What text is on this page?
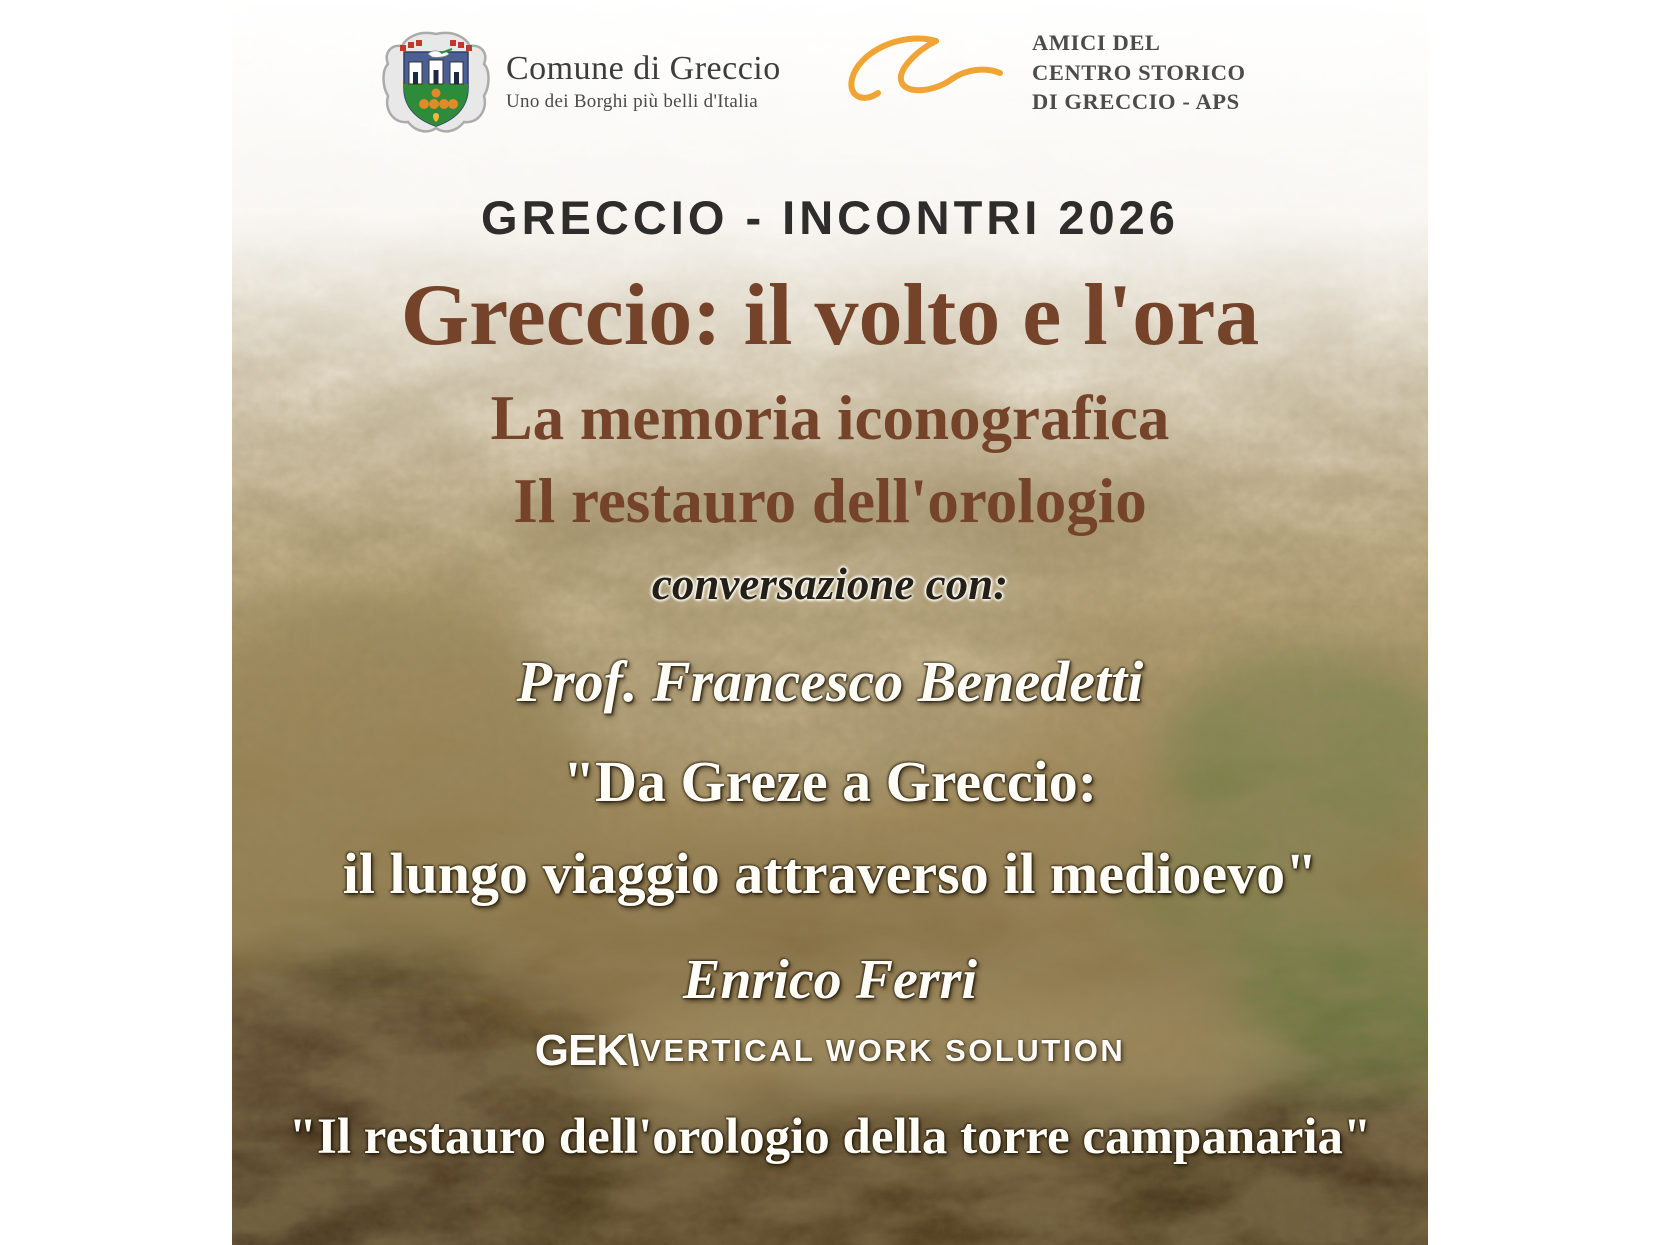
Comune di Greccio
Uno dei Borghi più belli d'Italia
AMICI DEL
CENTRO STORICO
DI GRECCIO - APS
GRECCIO - INCONTRI 2026
Greccio: il volto e l'ora
La memoria iconografica
Il restauro dell'orologio
conversazione con:
Prof. Francesco Benedetti
"Da Greze a Greccio:
il lungo viaggio attraverso il medioevo"
Enrico Ferri
GEK\ VERTICAL WORK SOLUTION
"Il restauro dell'orologio della torre campanaria"
